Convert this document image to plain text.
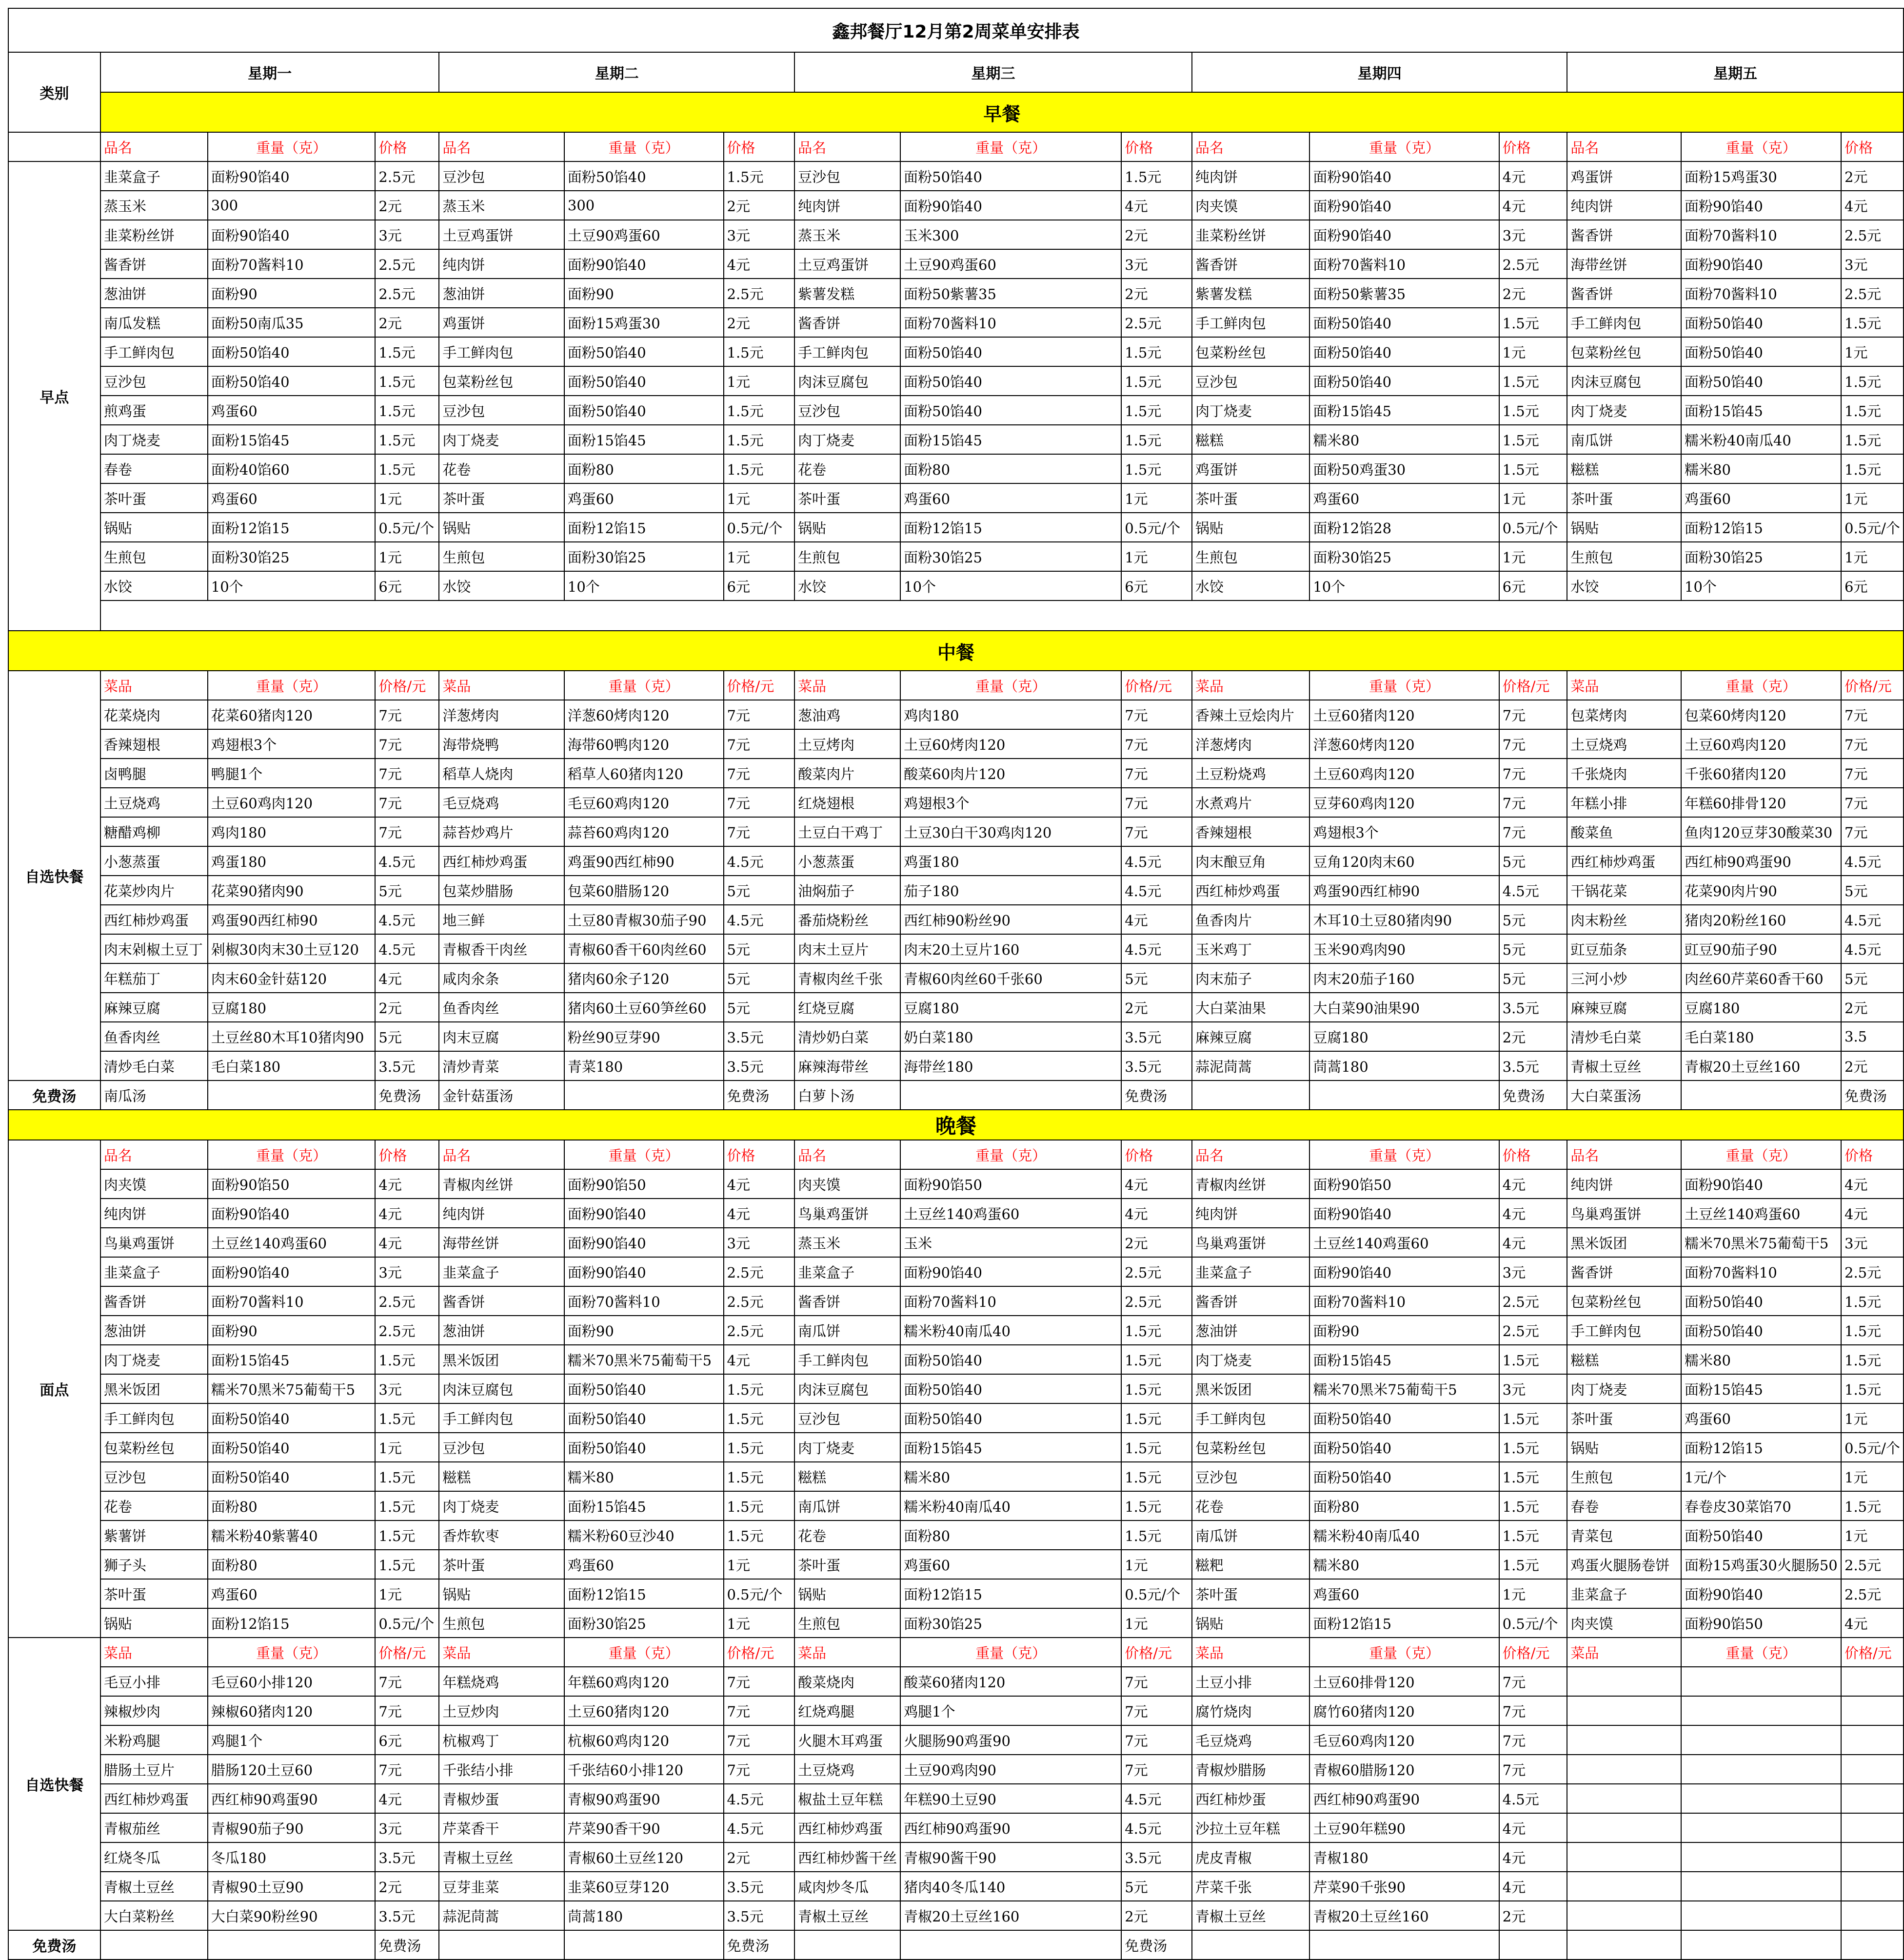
鑫邦餐厅12月第2周菜单安排表															
类别	星期一			星期二			星期三			星期四			星期五		
	早餐														
	品名	重量（克）	价格	品名	重量（克）	价格	品名	重量（克）	价格	品名	重量（克）	价格	品名	重量（克）	价格
早点	韭菜盒子	面粉90馅40	2.5元	豆沙包	面粉50馅40	1.5元	豆沙包	面粉50馅40	1.5元	纯肉饼	面粉90馅40	4元	鸡蛋饼	面粉15鸡蛋30	2元
	蒸玉米	300	2元	蒸玉米	300	2元	纯肉饼	面粉90馅40	4元	肉夹馍	面粉90馅40	4元	纯肉饼	面粉90馅40	4元
	韭菜粉丝饼	面粉90馅40	3元	土豆鸡蛋饼	土豆90鸡蛋60	3元	蒸玉米	玉米300	2元	韭菜粉丝饼	面粉90馅40	3元	酱香饼	面粉70酱料10	2.5元
	酱香饼	面粉70酱料10	2.5元	纯肉饼	面粉90馅40	4元	土豆鸡蛋饼	土豆90鸡蛋60	3元	酱香饼	面粉70酱料10	2.5元	海带丝饼	面粉90馅40	3元
	葱油饼	面粉90	2.5元	葱油饼	面粉90	2.5元	紫薯发糕	面粉50紫薯35	2元	紫薯发糕	面粉50紫薯35	2元	酱香饼	面粉70酱料10	2.5元
	南瓜发糕	面粉50南瓜35	2元	鸡蛋饼	面粉15鸡蛋30	2元	酱香饼	面粉70酱料10	2.5元	手工鲜肉包	面粉50馅40	1.5元	手工鲜肉包	面粉50馅40	1.5元
	手工鲜肉包	面粉50馅40	1.5元	手工鲜肉包	面粉50馅40	1.5元	手工鲜肉包	面粉50馅40	1.5元	包菜粉丝包	面粉50馅40	1元	包菜粉丝包	面粉50馅40	1元
	豆沙包	面粉50馅40	1.5元	包菜粉丝包	面粉50馅40	1元	肉沫豆腐包	面粉50馅40	1.5元	豆沙包	面粉50馅40	1.5元	肉沫豆腐包	面粉50馅40	1.5元
	煎鸡蛋	鸡蛋60	1.5元	豆沙包	面粉50馅40	1.5元	豆沙包	面粉50馅40	1.5元	肉丁烧麦	面粉15馅45	1.5元	肉丁烧麦	面粉15馅45	1.5元
	肉丁烧麦	面粉15馅45	1.5元	肉丁烧麦	面粉15馅45	1.5元	肉丁烧麦	面粉15馅45	1.5元	糍糕	糯米80	1.5元	南瓜饼	糯米粉40南瓜40	1.5元
	春卷	面粉40馅60	1.5元	花卷	面粉80	1.5元	花卷	面粉80	1.5元	鸡蛋饼	面粉50鸡蛋30	1.5元	糍糕	糯米80	1.5元
	茶叶蛋	鸡蛋60	1元	茶叶蛋	鸡蛋60	1元	茶叶蛋	鸡蛋60	1元	茶叶蛋	鸡蛋60	1元	茶叶蛋	鸡蛋60	1元
	锅贴	面粉12馅15	0.5元/个	锅贴	面粉12馅15	0.5元/个	锅贴	面粉12馅15	0.5元/个	锅贴	面粉12馅28	0.5元/个	锅贴	面粉12馅15	0.5元/个
	生煎包	面粉30馅25	1元	生煎包	面粉30馅25	1元	生煎包	面粉30馅25	1元	生煎包	面粉30馅25	1元	生煎包	面粉30馅25	1元
	水饺	10个	6元	水饺	10个	6元	水饺	10个	6元	水饺	10个	6元	水饺	10个	6元

中餐															
自选快餐	菜品	重量（克）	价格/元	菜品	重量（克）	价格/元	菜品	重量（克）	价格/元	菜品	重量（克）	价格/元	菜品	重量（克）	价格/元
	花菜烧肉	花菜60猪肉120	7元	洋葱烤肉	洋葱60烤肉120	7元	葱油鸡	鸡肉180	7元	香辣土豆烩肉片	土豆60猪肉120	7元	包菜烤肉	包菜60烤肉120	7元
	香辣翅根	鸡翅根3个	7元	海带烧鸭	海带60鸭肉120	7元	土豆烤肉	土豆60烤肉120	7元	洋葱烤肉	洋葱60烤肉120	7元	土豆烧鸡	土豆60鸡肉120	7元
	卤鸭腿	鸭腿1个	7元	稻草人烧肉	稻草人60猪肉120	7元	酸菜肉片	酸菜60肉片120	7元	土豆粉烧鸡	土豆60鸡肉120	7元	千张烧肉	千张60猪肉120	7元
	土豆烧鸡	土豆60鸡肉120	7元	毛豆烧鸡	毛豆60鸡肉120	7元	红烧翅根	鸡翅根3个	7元	水煮鸡片	豆芽60鸡肉120	7元	年糕小排	年糕60排骨120	7元
	糖醋鸡柳	鸡肉180	7元	蒜苔炒鸡片	蒜苔60鸡肉120	7元	土豆白干鸡丁	土豆30白干30鸡肉120	7元	香辣翅根	鸡翅根3个	7元	酸菜鱼	鱼肉120豆芽30酸菜30	7元
	小葱蒸蛋	鸡蛋180	4.5元	西红柿炒鸡蛋	鸡蛋90西红柿90	4.5元	小葱蒸蛋	鸡蛋180	4.5元	肉末酿豆角	豆角120肉末60	5元	西红柿炒鸡蛋	西红柿90鸡蛋90	4.5元
	花菜炒肉片	花菜90猪肉90	5元	包菜炒腊肠	包菜60腊肠120	5元	油焖茄子	茄子180	4.5元	西红柿炒鸡蛋	鸡蛋90西红柿90	4.5元	干锅花菜	花菜90肉片90	5元
	西红柿炒鸡蛋	鸡蛋90西红柿90	4.5元	地三鲜	土豆80青椒30茄子90	4.5元	番茄烧粉丝	西红柿90粉丝90	4元	鱼香肉片	木耳10土豆80猪肉90	5元	肉末粉丝	猪肉20粉丝160	4.5元
	肉末剁椒土豆丁	剁椒30肉末30土豆120	4.5元	青椒香干肉丝	青椒60香干60肉丝60	5元	肉末土豆片	肉末20土豆片160	4.5元	玉米鸡丁	玉米90鸡肉90	5元	豇豆茄条	豇豆90茄子90	4.5元
	年糕茄丁	肉末60金针菇120	4元	咸肉氽条	猪肉60氽子120	5元	青椒肉丝千张	青椒60肉丝60千张60	5元	肉末茄子	肉末20茄子160	5元	三河小炒	肉丝60芹菜60香干60	5元
	麻辣豆腐	豆腐180	2元	鱼香肉丝	猪肉60土豆60笋丝60	5元	红烧豆腐	豆腐180	2元	大白菜油果	大白菜90油果90	3.5元	麻辣豆腐	豆腐180	2元
	鱼香肉丝	土豆丝80木耳10猪肉90	5元	肉末豆腐	粉丝90豆芽90	3.5元	清炒奶白菜	奶白菜180	3.5元	麻辣豆腐	豆腐180	2元	清炒毛白菜	毛白菜180	3.5
	清炒毛白菜	毛白菜180	3.5元	清炒青菜	青菜180	3.5元	麻辣海带丝	海带丝180	3.5元	蒜泥茼蒿	茼蒿180	3.5元	青椒土豆丝	青椒20土豆丝160	2元
免费汤	南瓜汤		免费汤	金针菇蛋汤		免费汤	白萝卜汤		免费汤			免费汤	大白菜蛋汤		免费汤
晚餐															
面点	品名	重量（克）	价格	品名	重量（克）	价格	品名	重量（克）	价格	品名	重量（克）	价格	品名	重量（克）	价格
	肉夹馍	面粉90馅50	4元	青椒肉丝饼	面粉90馅50	4元	肉夹馍	面粉90馅50	4元	青椒肉丝饼	面粉90馅50	4元	纯肉饼	面粉90馅40	4元
	纯肉饼	面粉90馅40	4元	纯肉饼	面粉90馅40	4元	鸟巢鸡蛋饼	土豆丝140鸡蛋60	4元	纯肉饼	面粉90馅40	4元	鸟巢鸡蛋饼	土豆丝140鸡蛋60	4元
	鸟巢鸡蛋饼	土豆丝140鸡蛋60	4元	海带丝饼	面粉90馅40	3元	蒸玉米	玉米	2元	鸟巢鸡蛋饼	土豆丝140鸡蛋60	4元	黑米饭团	糯米70黑米75葡萄干5	3元
	韭菜盒子	面粉90馅40	3元	韭菜盒子	面粉90馅40	2.5元	韭菜盒子	面粉90馅40	2.5元	韭菜盒子	面粉90馅40	3元	酱香饼	面粉70酱料10	2.5元
	酱香饼	面粉70酱料10	2.5元	酱香饼	面粉70酱料10	2.5元	酱香饼	面粉70酱料10	2.5元	酱香饼	面粉70酱料10	2.5元	包菜粉丝包	面粉50馅40	1.5元
	葱油饼	面粉90	2.5元	葱油饼	面粉90	2.5元	南瓜饼	糯米粉40南瓜40	1.5元	葱油饼	面粉90	2.5元	手工鲜肉包	面粉50馅40	1.5元
	肉丁烧麦	面粉15馅45	1.5元	黑米饭团	糯米70黑米75葡萄干5	4元	手工鲜肉包	面粉50馅40	1.5元	肉丁烧麦	面粉15馅45	1.5元	糍糕	糯米80	1.5元
	黑米饭团	糯米70黑米75葡萄干5	3元	肉沫豆腐包	面粉50馅40	1.5元	肉沫豆腐包	面粉50馅40	1.5元	黑米饭团	糯米70黑米75葡萄干5	3元	肉丁烧麦	面粉15馅45	1.5元
	手工鲜肉包	面粉50馅40	1.5元	手工鲜肉包	面粉50馅40	1.5元	豆沙包	面粉50馅40	1.5元	手工鲜肉包	面粉50馅40	1.5元	茶叶蛋	鸡蛋60	1元
	包菜粉丝包	面粉50馅40	1元	豆沙包	面粉50馅40	1.5元	肉丁烧麦	面粉15馅45	1.5元	包菜粉丝包	面粉50馅40	1.5元	锅贴	面粉12馅15	0.5元/个
	豆沙包	面粉50馅40	1.5元	糍糕	糯米80	1.5元	糍糕	糯米80	1.5元	豆沙包	面粉50馅40	1.5元	生煎包	1元/个	1元
	花卷	面粉80	1.5元	肉丁烧麦	面粉15馅45	1.5元	南瓜饼	糯米粉40南瓜40	1.5元	花卷	面粉80	1.5元	春卷	春卷皮30菜馅70	1.5元
	紫薯饼	糯米粉40紫薯40	1.5元	香炸软枣	糯米粉60豆沙40	1.5元	花卷	面粉80	1.5元	南瓜饼	糯米粉40南瓜40	1.5元	青菜包	面粉50馅40	1元
	狮子头	面粉80	1.5元	茶叶蛋	鸡蛋60	1元	茶叶蛋	鸡蛋60	1元	糍粑	糯米80	1.5元	鸡蛋火腿肠卷饼	面粉15鸡蛋30火腿肠50	2.5元
	茶叶蛋	鸡蛋60	1元	锅贴	面粉12馅15	0.5元/个	锅贴	面粉12馅15	0.5元/个	茶叶蛋	鸡蛋60	1元	韭菜盒子	面粉90馅40	2.5元
	锅贴	面粉12馅15	0.5元/个	生煎包	面粉30馅25	1元	生煎包	面粉30馅25	1元	锅贴	面粉12馅15	0.5元/个	肉夹馍	面粉90馅50	4元
自选快餐	菜品	重量（克）	价格/元	菜品	重量（克）	价格/元	菜品	重量（克）	价格/元	菜品	重量（克）	价格/元	菜品	重量（克）	价格/元
	毛豆小排	毛豆60小排120	7元	年糕烧鸡	年糕60鸡肉120	7元	酸菜烧肉	酸菜60猪肉120	7元	土豆小排	土豆60排骨120	7元			
	辣椒炒肉	辣椒60猪肉120	7元	土豆炒肉	土豆60猪肉120	7元	红烧鸡腿	鸡腿1个	7元	腐竹烧肉	腐竹60猪肉120	7元			
	米粉鸡腿	鸡腿1个	6元	杭椒鸡丁	杭椒60鸡肉120	7元	火腿木耳鸡蛋	火腿肠90鸡蛋90	7元	毛豆烧鸡	毛豆60鸡肉120	7元			
	腊肠土豆片	腊肠120土豆60	7元	千张结小排	千张结60小排120	7元	土豆烧鸡	土豆90鸡肉90	7元	青椒炒腊肠	青椒60腊肠120	7元			
	西红柿炒鸡蛋	西红柿90鸡蛋90	4元	青椒炒蛋	青椒90鸡蛋90	4.5元	椒盐土豆年糕	年糕90土豆90	4.5元	西红柿炒蛋	西红柿90鸡蛋90	4.5元			
	青椒茄丝	青椒90茄子90	3元	芹菜香干	芹菜90香干90	4.5元	西红柿炒鸡蛋	西红柿90鸡蛋90	4.5元	沙拉土豆年糕	土豆90年糕90	4元			
	红烧冬瓜	冬瓜180	3.5元	青椒土豆丝	青椒60土豆丝120	2元	西红柿炒酱干丝	青椒90酱干90	3.5元	虎皮青椒	青椒180	4元			
	青椒土豆丝	青椒90土豆90	2元	豆芽韭菜	韭菜60豆芽120	3.5元	咸肉炒冬瓜	猪肉40冬瓜140	5元	芹菜千张	芹菜90千张90	4元			
	大白菜粉丝	大白菜90粉丝90	3.5元	蒜泥茼蒿	茼蒿180	3.5元	青椒土豆丝	青椒20土豆丝160	2元	青椒土豆丝	青椒20土豆丝160	2元			
免费汤			免费汤			免费汤			免费汤						
